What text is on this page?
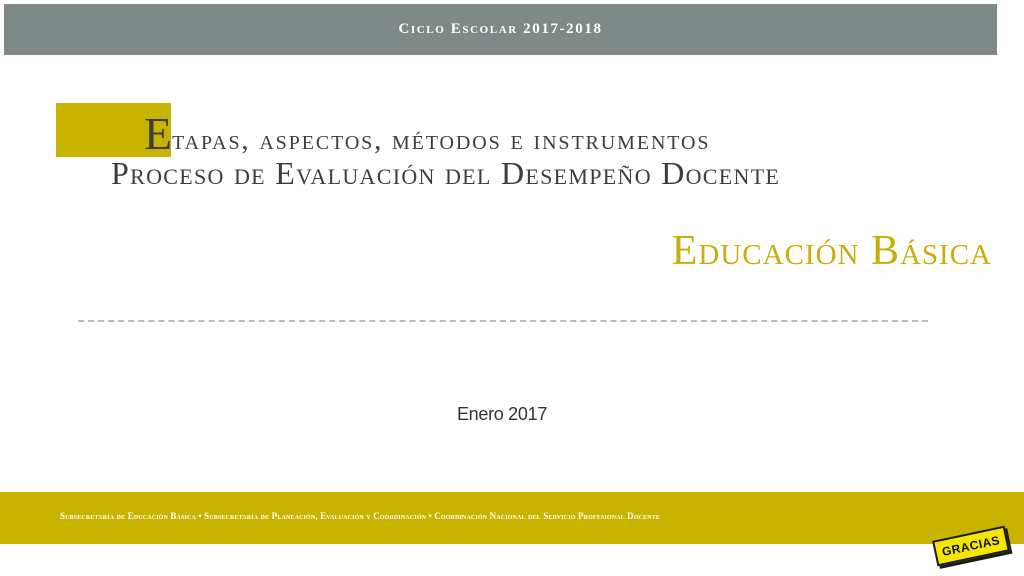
Ciclo Escolar 2017-2018
Etapas, aspectos, métodos e instrumentos
Proceso de Evaluación del Desempeño Docente
Educación Básica
Enero 2017
Subsecretaría de Educación Básica • Subsecretaría de Planeación, Evaluación y Coordinación • Coordinación Nacional del Servicio Profesional Docente
GRACIAS
